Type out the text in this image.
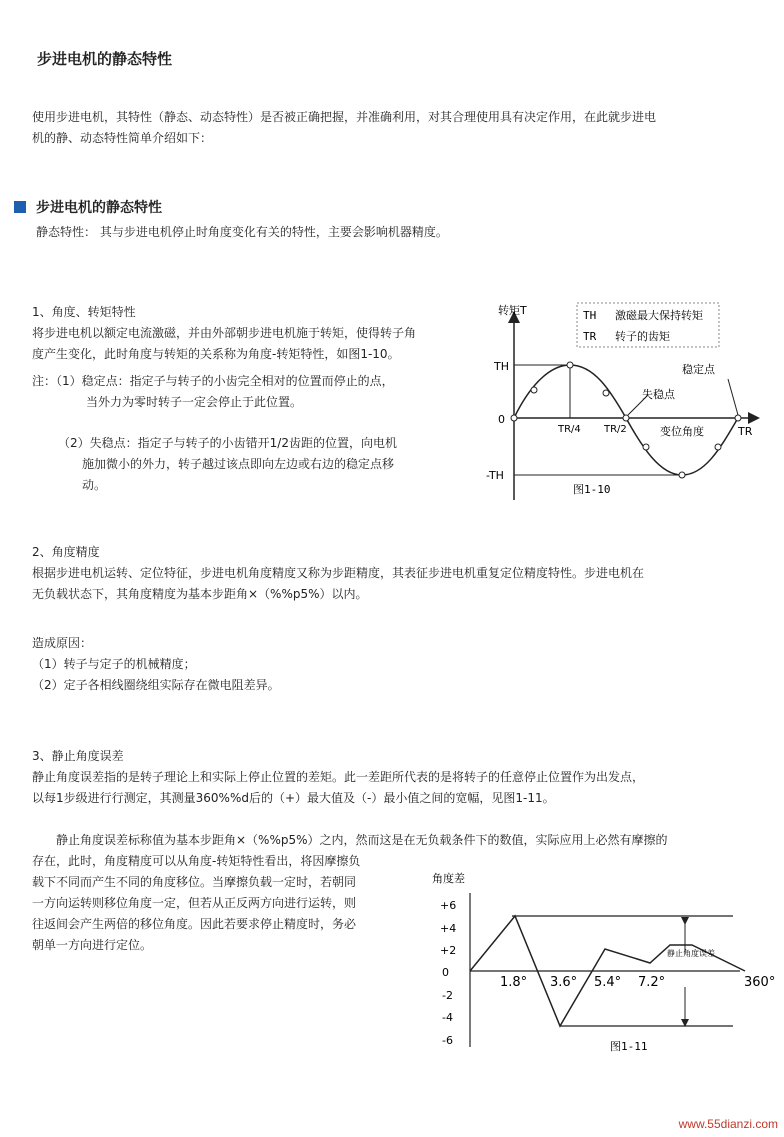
步进电机的静态特性
使用步进电机，其特性（静态、动态特性）是否被正确把握，并准确利用，对其合理使用具有决定作用，在此就步进电
机的静、动态特性简单介绍如下：
步进电机的静态特性
静态特性： 其与步进电机停止时角度变化有关的特性，主要会影响机器精度。
1、角度、转矩特性
将步进电机以额定电流激磁，并由外部朝步进电机施于转矩，使得转子角
度产生变化，此时角度与转矩的关系称为角度-转矩特性，如图1-10。
注：（1）稳定点：指定子与转子的小齿完全相对的位置而停止的点，
当外力为零时转子一定会停止于此位置。
（2）失稳点：指定子与转子的小齿错开1/2齿距的位置，向电机
施加微小的外力，转子越过该点即向左边或右边的稳定点移
动。
TH 激磁最大保持转矩
TR 转子的齿矩
转矩T
TH
-TH
0
TR/4 TR/2	TR
稳定点
失稳点
变位角度
图1-10
2、角度精度
根据步进电机运转、定位特征，步进电机角度精度又称为步距精度，其表征步进电机重复定位精度特性。步进电机在
无负载状态下，其角度精度为基本步距角×（%%p5%）以内。
造成原因：
（1）转子与定子的机械精度；
（2）定子各相线圈绕组实际存在微电阻差异。
3、静止角度误差
静止角度误差指的是转子理论上和实际上停止位置的差矩。此一差距所代表的是将转子的任意停止位置作为出发点，
以每1步级进行行测定，其测量360%%d后的（+）最大值及（-）最小值之间的宽幅，见图1-11。
静止角度误差标称值为基本步距角×（%%p5%）之内，然而这是在无负载条件下的数值，实际应用上必然有摩擦的
存在，此时，角度精度可以从角度-转矩特性看出，将因摩擦负
载下不同而产生不同的角度移位。当摩擦负载一定时，若朝同
一方向运转则移位角度一定，但若从正反两方向进行运转，则
往返间会产生两倍的移位角度。因此若要求停止精度时，务必
朝单一方向进行定位。
角度差
+6
+4
+2
0
-2
-4
-6
静止角度误差
1.8° 3.6° 5.4° 7.2°	360°
图1-11
www.55dianzi.com
